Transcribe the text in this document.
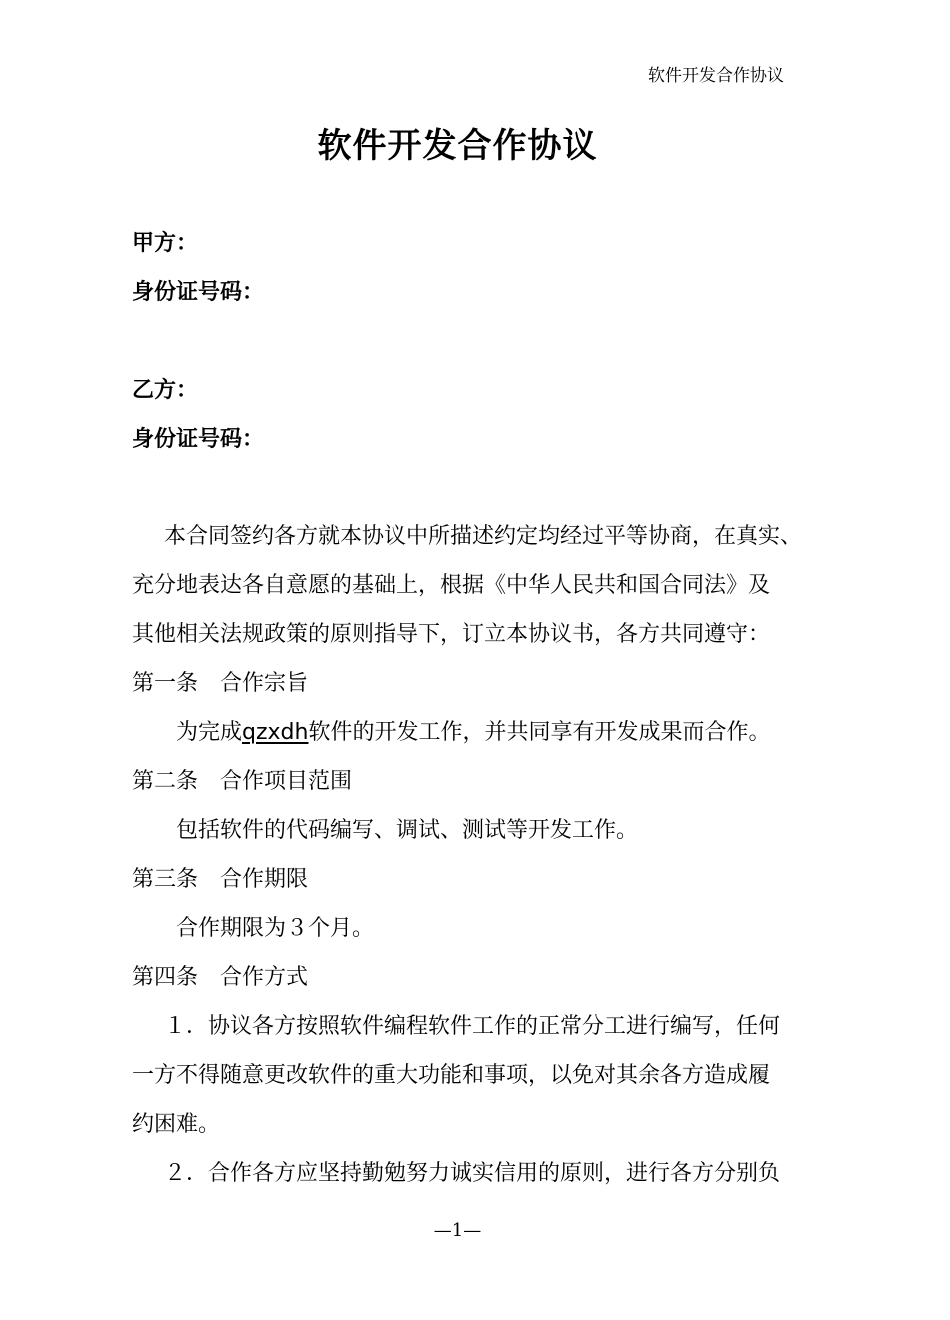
软件开发合作协议
软件开发合作协议
甲方：
身份证号码：
乙方：
身份证号码：
本合同签约各方就本协议中所描述约定均经过平等协商，在真实、
充分地表达各自意愿的基础上，根据《中华人民共和国合同法》及
其他相关法规政策的原则指导下，订立本协议书，各方共同遵守：
第一条 合作宗旨
为完成qzxdh软件的开发工作，并共同享有开发成果而合作。
第二条 合作项目范围
包括软件的代码编写、调试、测试等开发工作。
第三条 合作期限
合作期限为３个月。
第四条 合作方式
１．协议各方按照软件编程软件工作的正常分工进行编写，任何
一方不得随意更改软件的重大功能和事项，以免对其余各方造成履
约困难。
２．合作各方应坚持勤勉努力诚实信用的原则，进行各方分别负
—1—
